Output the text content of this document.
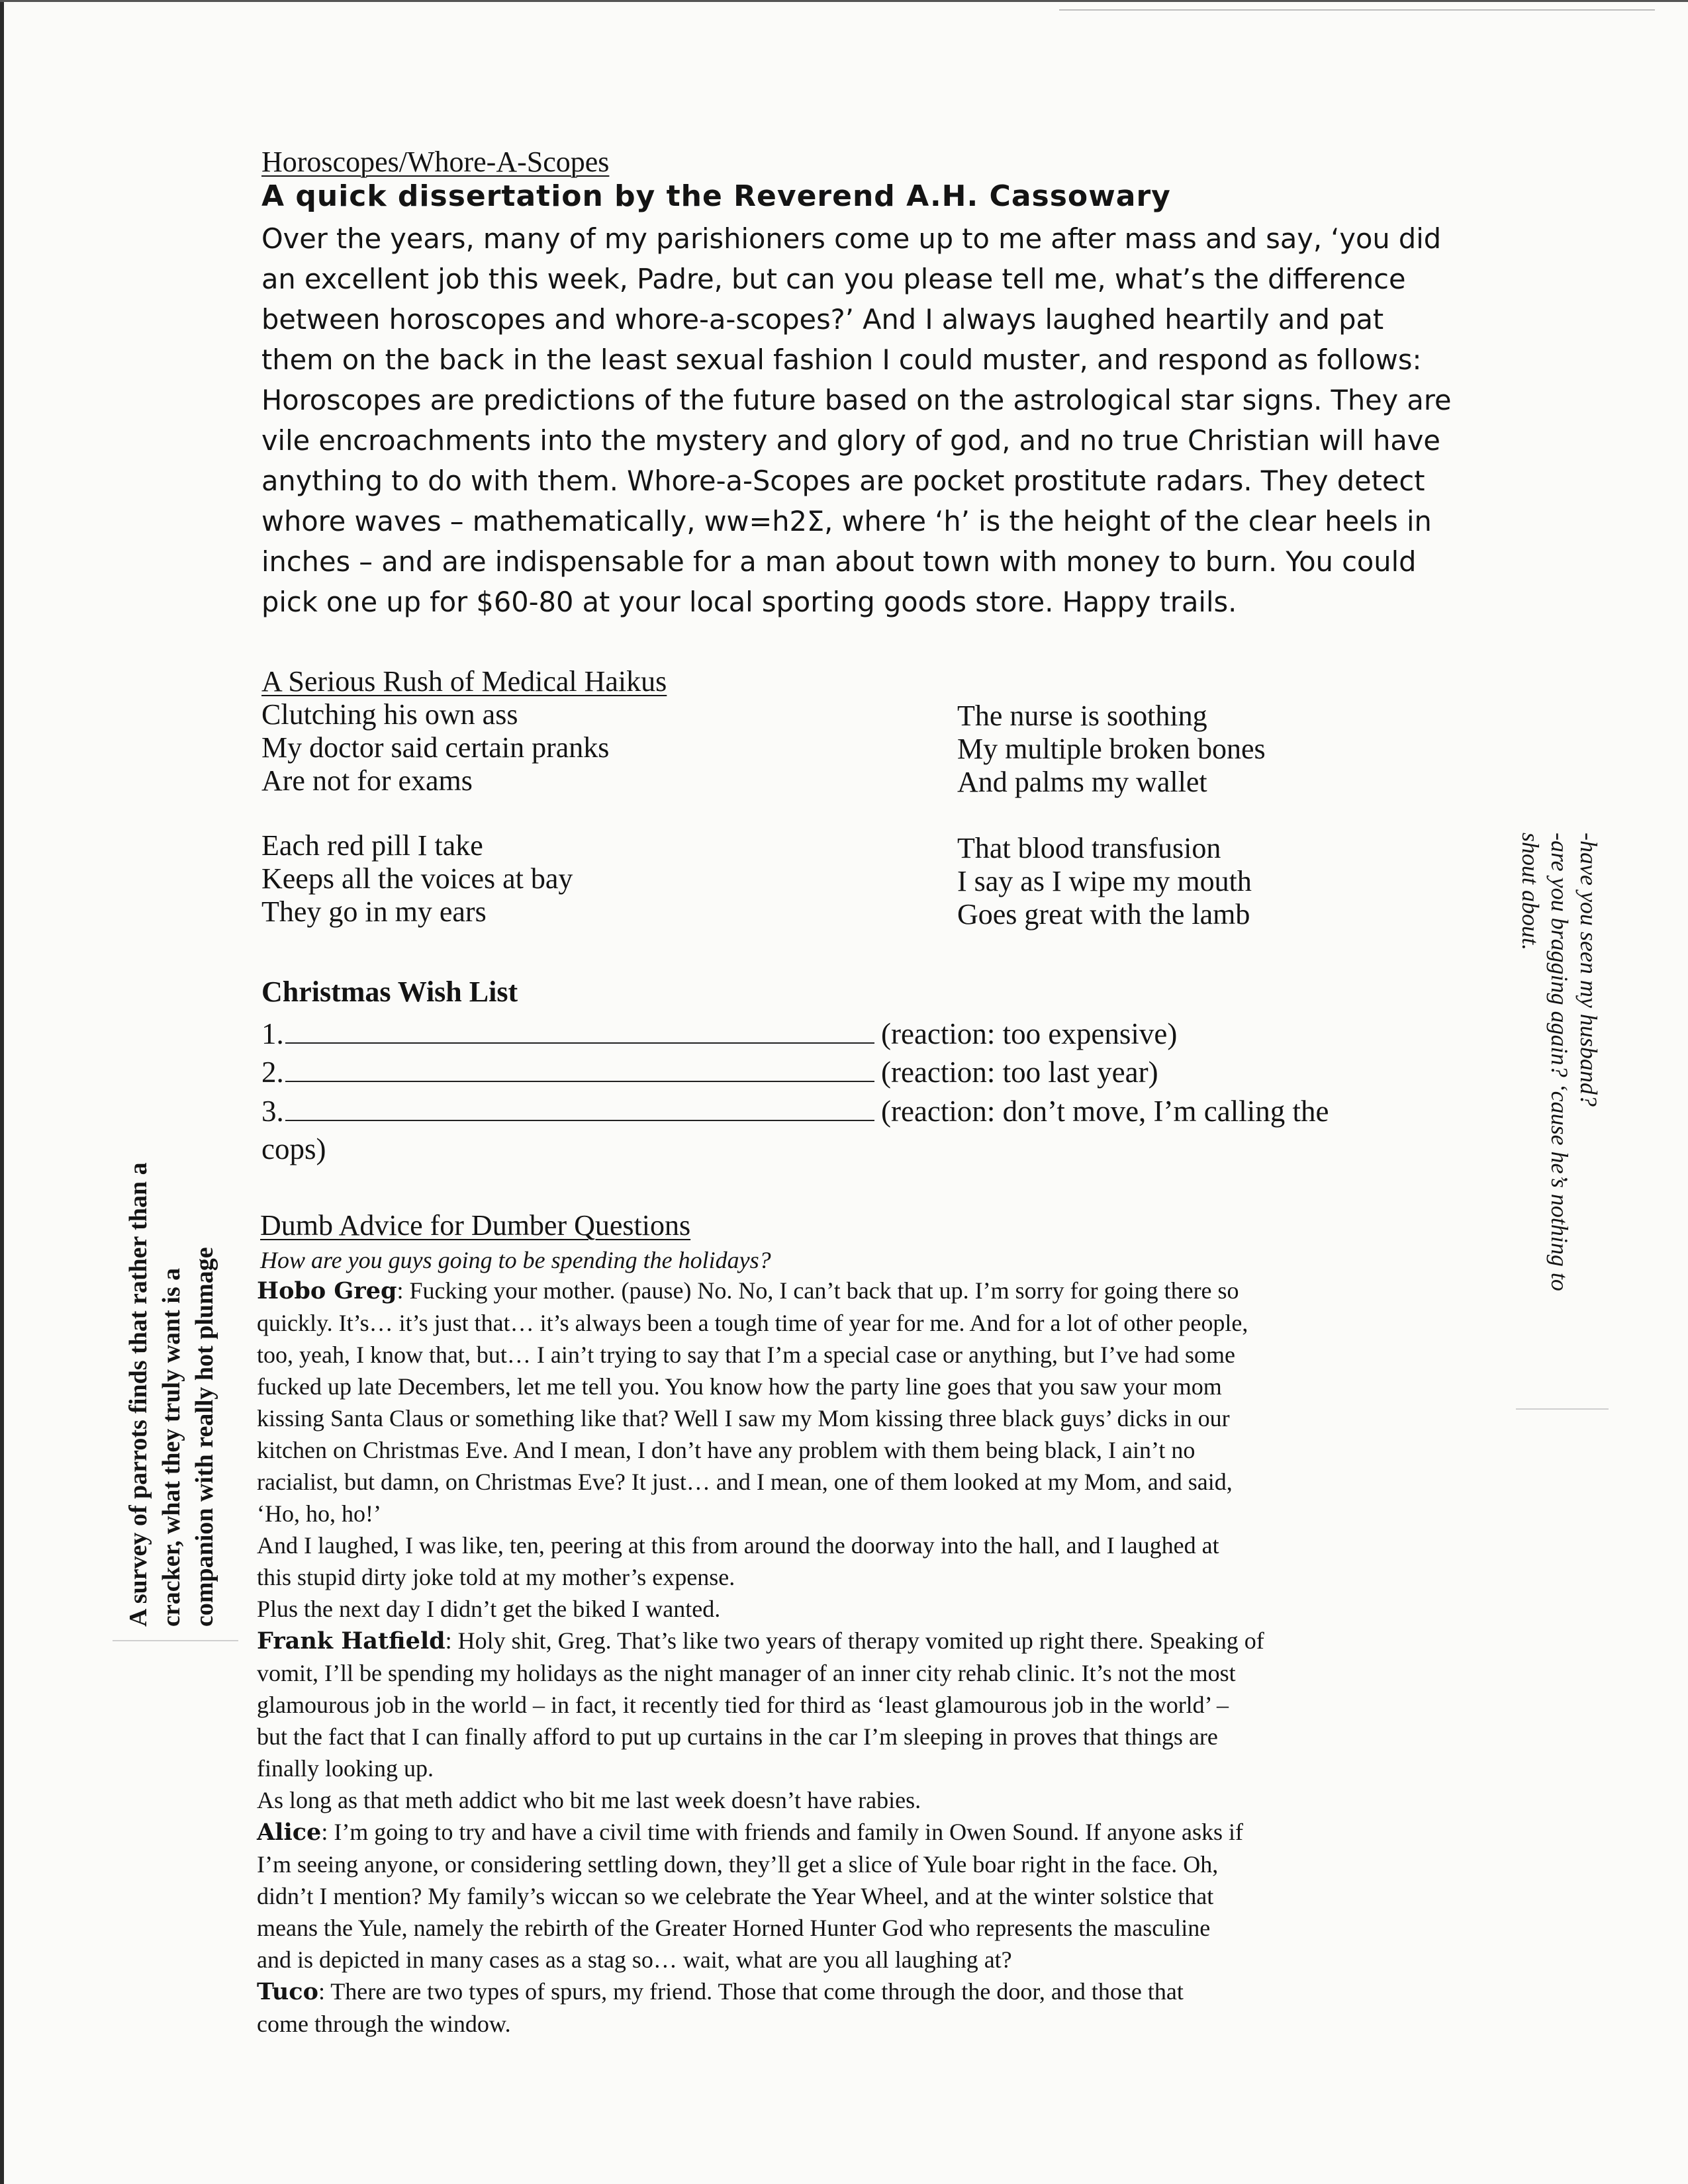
Horoscopes/Whore-A-Scopes
A quick dissertation by the Reverend A.H. Cassowary
Over the years, many of my parishioners come up to me after mass and say, ‘you did
an excellent job this week, Padre, but can you please tell me, what’s the difference
between horoscopes and whore-a-scopes?’ And I always laughed heartily and pat
them on the back in the least sexual fashion I could muster, and respond as follows:
Horoscopes are predictions of the future based on the astrological star signs. They are
vile encroachments into the mystery and glory of god, and no true Christian will have
anything to do with them. Whore-a-Scopes are pocket prostitute radars. They detect
whore waves – mathematically, ww=h2Σ, where ‘h’ is the height of the clear heels in
inches – and are indispensable for a man about town with money to burn. You could
pick one up for $60-80 at your local sporting goods store. Happy trails.
A Serious Rush of Medical Haikus
Clutching his own ass
My doctor said certain pranks
Are not for exams
The nurse is soothing
My multiple broken bones
And palms my wallet
Each red pill I take
Keeps all the voices at bay
They go in my ears
That blood transfusion
I say as I wipe my mouth
Goes great with the lamb
Christmas Wish List
1.	(reaction: too expensive)
2.	(reaction: too last year)
3.	(reaction: don’t move, I’m calling the
cops)
Dumb Advice for Dumber Questions
How are you guys going to be spending the holidays?
Hobo Greg: Fucking your mother. (pause) No. No, I can’t back that up. I’m sorry for going there so
quickly. It’s… it’s just that… it’s always been a tough time of year for me. And for a lot of other people,
too, yeah, I know that, but… I ain’t trying to say that I’m a special case or anything, but I’ve had some
fucked up late Decembers, let me tell you. You know how the party line goes that you saw your mom
kissing Santa Claus or something like that? Well I saw my Mom kissing three black guys’ dicks in our
kitchen on Christmas Eve. And I mean, I don’t have any problem with them being black, I ain’t no
racialist, but damn, on Christmas Eve? It just… and I mean, one of them looked at my Mom, and said,
‘Ho, ho, ho!’
And I laughed, I was like, ten, peering at this from around the doorway into the hall, and I laughed at
this stupid dirty joke told at my mother’s expense.
Plus the next day I didn’t get the biked I wanted.
Frank Hatfield: Holy shit, Greg. That’s like two years of therapy vomited up right there. Speaking of
vomit, I’ll be spending my holidays as the night manager of an inner city rehab clinic. It’s not the most
glamourous job in the world – in fact, it recently tied for third as ‘least glamourous job in the world’ –
but the fact that I can finally afford to put up curtains in the car I’m sleeping in proves that things are
finally looking up.
As long as that meth addict who bit me last week doesn’t have rabies.
Alice: I’m going to try and have a civil time with friends and family in Owen Sound. If anyone asks if
I’m seeing anyone, or considering settling down, they’ll get a slice of Yule boar right in the face. Oh,
didn’t I mention? My family’s wiccan so we celebrate the Year Wheel, and at the winter solstice that
means the Yule, namely the rebirth of the Greater Horned Hunter God who represents the masculine
and is depicted in many cases as a stag so… wait, what are you all laughing at?
Tuco: There are two types of spurs, my friend. Those that come through the door, and those that
come through the window.
A survey of parrots finds that rather than a cracker, what they truly want is a companion with really hot plumage
-have you seen my husband?
-are you bragging again? ‘cause he’s nothing to
shout about.
